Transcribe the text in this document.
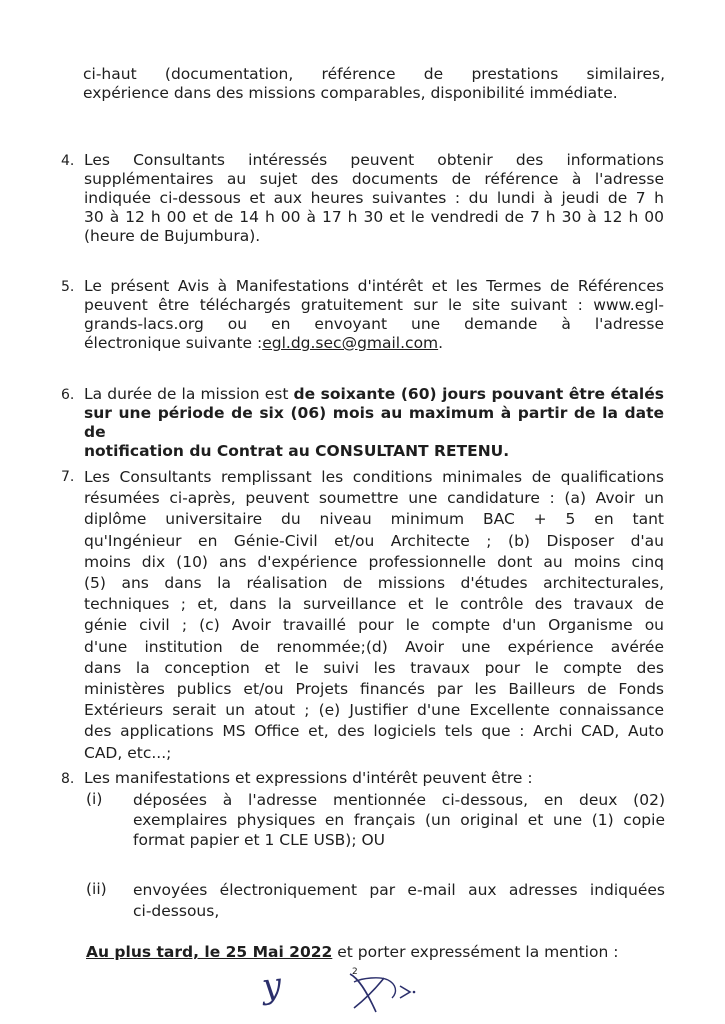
ci-haut (documentation, référence de prestations similaires,
expérience dans des missions comparables, disponibilité immédiate.
4. Les Consultants intéressés peuvent obtenir des informations
supplémentaires au sujet des documents de référence à l'adresse
indiquée ci-dessous et aux heures suivantes : du lundi à jeudi de 7 h
30 à 12 h 00 et de 14 h 00 à 17 h 30 et le vendredi de 7 h 30 à 12 h 00
(heure de Bujumbura).
5. Le présent Avis à Manifestations d'intérêt et les Termes de Références
peuvent être téléchargés gratuitement sur le site suivant : www.egl-
grands-lacs.org ou en envoyant une demande à l'adresse
électronique suivante :egl.dg.sec@gmail.com.
6. La durée de la mission est de soixante (60) jours pouvant être étalés
sur une période de six (06) mois au maximum à partir de la date de
notification du Contrat au CONSULTANT RETENU.
7. Les Consultants remplissant les conditions minimales de qualifications
résumées ci-après, peuvent soumettre une candidature : (a) Avoir un
diplôme universitaire du niveau minimum BAC + 5 en tant
qu'Ingénieur en Génie-Civil et/ou Architecte ; (b) Disposer d'au
moins dix (10) ans d'expérience professionnelle dont au moins cinq
(5) ans dans la réalisation de missions d'études architecturales,
techniques ; et, dans la surveillance et le contrôle des travaux de
génie civil ; (c) Avoir travaillé pour le compte d'un Organisme ou
d'une institution de renommée;(d) Avoir une expérience avérée
dans la conception et le suivi les travaux pour le compte des
ministères publics et/ou Projets financés par les Bailleurs de Fonds
Extérieurs serait un atout ; (e) Justifier d'une Excellente connaissance
des applications MS Office et, des logiciels tels que : Archi CAD, Auto
CAD, etc...;
8. Les manifestations et expressions d'intérêt peuvent être :
(i) déposées à l'adresse mentionnée ci-dessous, en deux (02)
exemplaires physiques en français (un original et une (1) copie
format papier et 1 CLE USB); OU
(ii) envoyées électroniquement par e-mail aux adresses indiquées
ci-dessous,
Au plus tard, le 25 Mai 2022 et porter expressément la mention :
2
y
